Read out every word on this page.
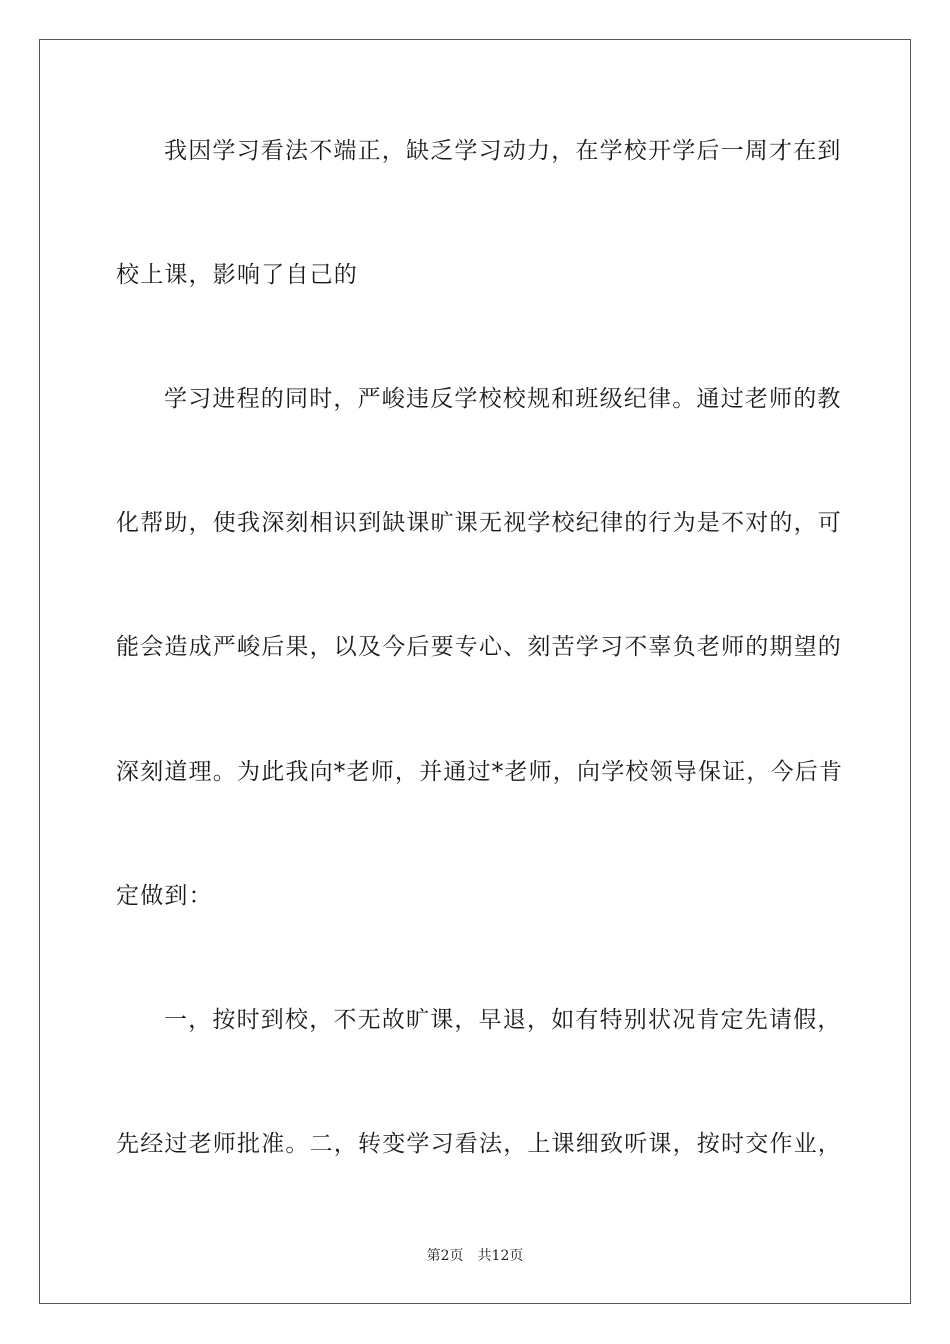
我因学习看法不端正，缺乏学习动力，在学校开学后一周才在到
校上课，影响了自己的
学习进程的同时，严峻违反学校校规和班级纪律。通过老师的教
化帮助，使我深刻相识到缺课旷课无视学校纪律的行为是不对的，可
能会造成严峻后果，以及今后要专心、刻苦学习不辜负老师的期望的
深刻道理。为此我向*老师，并通过*老师，向学校领导保证，今后肯
定做到：
一，按时到校，不无故旷课，早退，如有特别状况肯定先请假，
先经过老师批准。二，转变学习看法，上课细致听课，按时交作业，
第2页 共12页
